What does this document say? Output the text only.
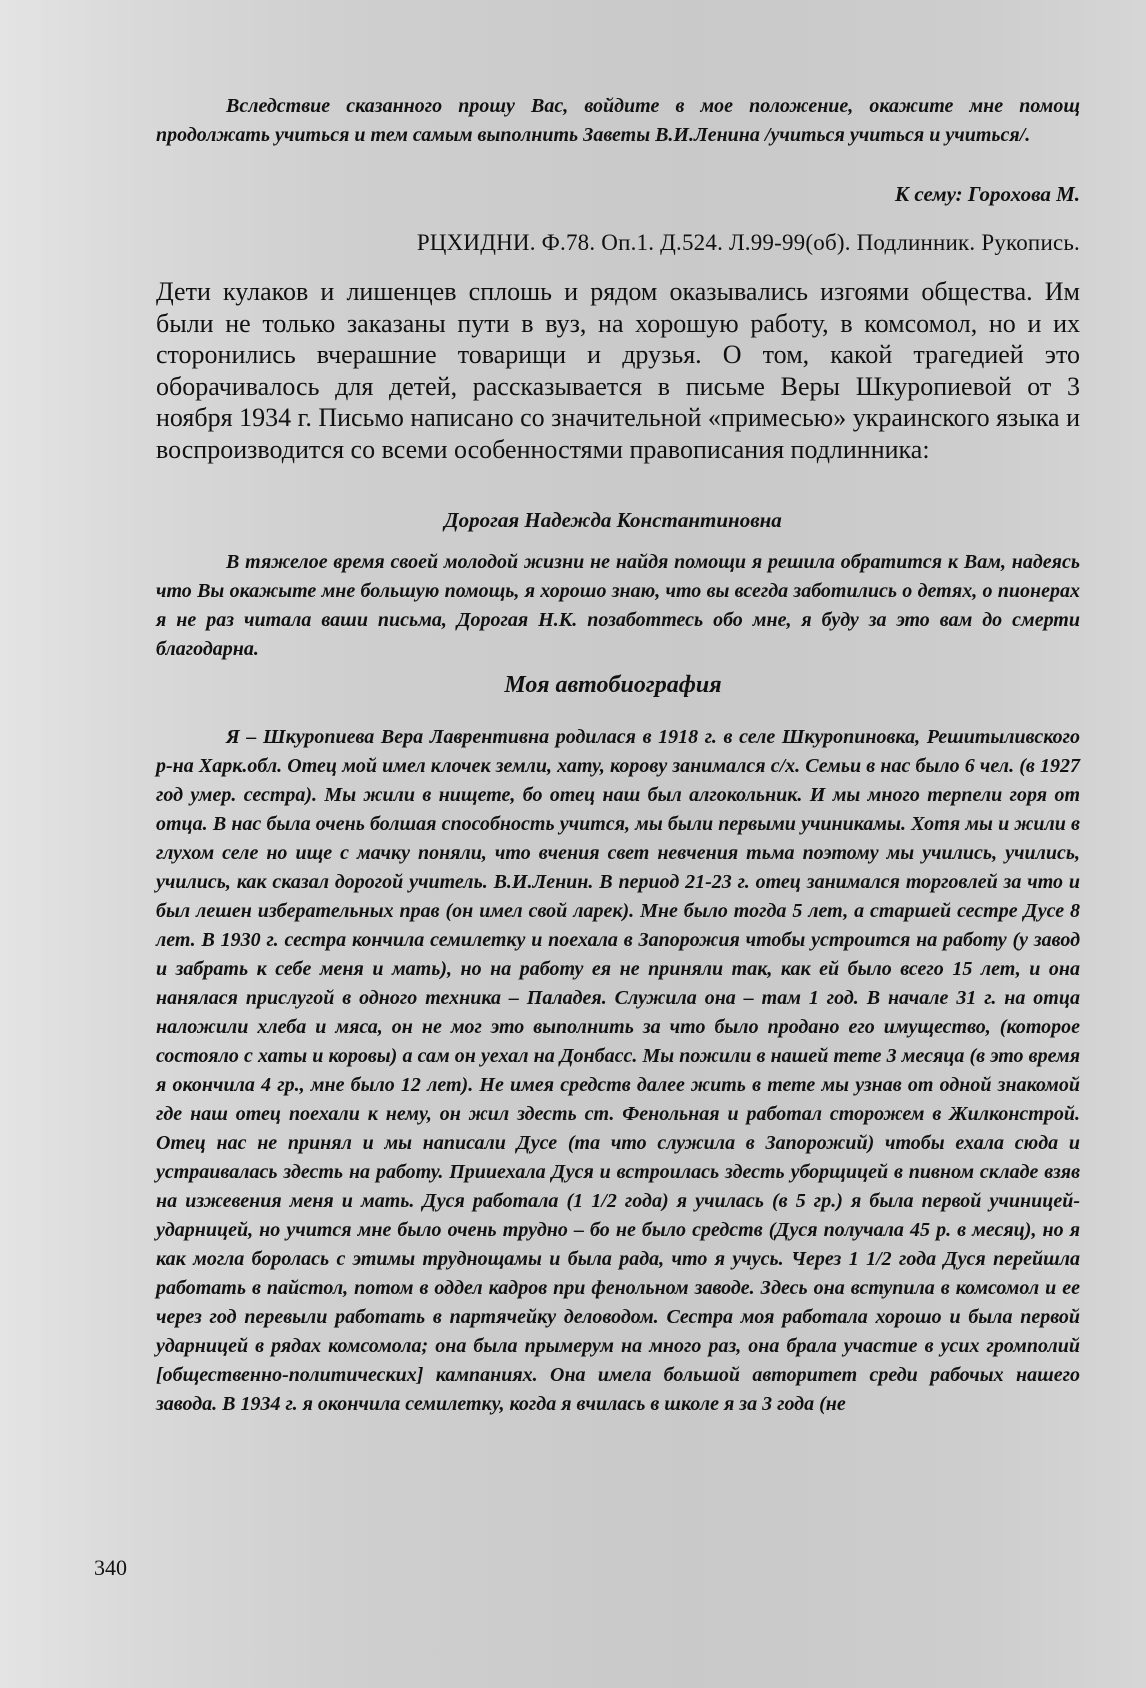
Вследствие сказанного прошу Вас, войдите в мое положение, окажите мне помощ продолжать учиться и тем самым выполнить Заветы В.И.Ленина /учиться учиться и учиться/.

К сему: Горохова М.
РЦХИДНИ. Ф.78. Оп.1. Д.524. Л.99-99(об). Подлинник. Рукопись.

Дети кулаков и лишенцев сплошь и рядом оказывались изгоями общества. Им были не только заказаны пути в вуз, на хорошую работу, в комсомол, но и их сторонились вчерашние товарищи и друзья. О том, какой трагедией это оборачивалось для детей, рассказывается в письме Веры Шкуропиевой от 3 ноября 1934 г. Письмо написано со значительной «примесью» украинского языка и воспроизводится со всеми особенностями правописания подлинника:

Дорогая Надежда Константиновна

В тяжелое время своей молодой жизни не найдя помощи я решила обратится к Вам, надеясь что Вы окажыте мне большую помощь, я хорошо знаю, что вы всегда заботились о детях, о пионерах я не раз читала ваши письма, Дорогая Н.К. позаботтесь обо мне, я буду за это вам до смерти благодарна.

Моя автобиография

Я – Шкуропиева Вера Лаврентивна родилася в 1918 г. в селе Шкуропиновка, Решитыливского р-на Харк.обл. Отец мой имел клочек земли, хату, корову занимался с/х. Семьи в нас было 6 чел. (в 1927 год умер. сестра). Мы жили в нищете, бо отец наш был алгокольник. И мы много терпели горя от отца. В нас была очень болшая способность учится, мы были первыми учиникамы. Хотя мы и жили в глухом селе но ище с мачку поняли, что вчения свет невчения тьма поэтому мы учились, учились, учились, как сказал дорогой учитель. В.И.Ленин. В период 21-23 г. отец занимался торговлей за что и был лешен изберательных прав (он имел свой ларек). Мне было тогда 5 лет, а старшей сестре Дусе 8 лет. В 1930 г. сестра кончила семилетку и поехала в Запорожия чтобы устроится на работу (у завод и забрать к себе меня и мать), но на работу ея не приняли так, как ей было всего 15 лет, и она нанялася прислугой в одного техника – Паладея. Служила она – там 1 год. В начале 31 г. на отца наложили хлеба и мяса, он не мог это выполнить за что было продано его имущество, (которое состояло с хаты и коровы) а сам он уехал на Донбасс. Мы пожили в нашей тете 3 месяца (в это время я окончила 4 гр., мне было 12 лет). Не имея средств далее жить в тете мы узнав от одной знакомой где наш отец поехали к нему, он жил здесть ст. Фенольная и работал сторожем в Жилконстрой. Отец нас не принял и мы написали Дусе (та что служила в Запорожий) чтобы ехала сюда и устраивалась здесть на работу. Прииехала Дуся и встроилась здесть уборщицей в пивном складе взяв на изжевения меня и мать. Дуся работала (1 1/2 года) я училась (в 5 гр.) я была первой учиницей-ударницей, но учится мне было очень трудно – бо не было средств (Дуся получала 45 р. в месяц), но я как могла боролась с этимы труднощамы и была рада, что я учусь. Через 1 1/2 года Дуся перейшла работать в пайстол, потом в оддел кадров при фенольном заводе. Здесь она вступила в комсомол и ее через год перевыли работать в партячейку деловодом. Сестра моя работала хорошо и была первой ударницей в рядах комсомола; она была прымерум на много раз, она брала участие в усих громполий [общественно-политических] кампаниях. Она имела большой авторитет среди рабочых нашего завода. В 1934 г. я окончила семилетку, когда я вчилась в школе я за 3 года (не

340
